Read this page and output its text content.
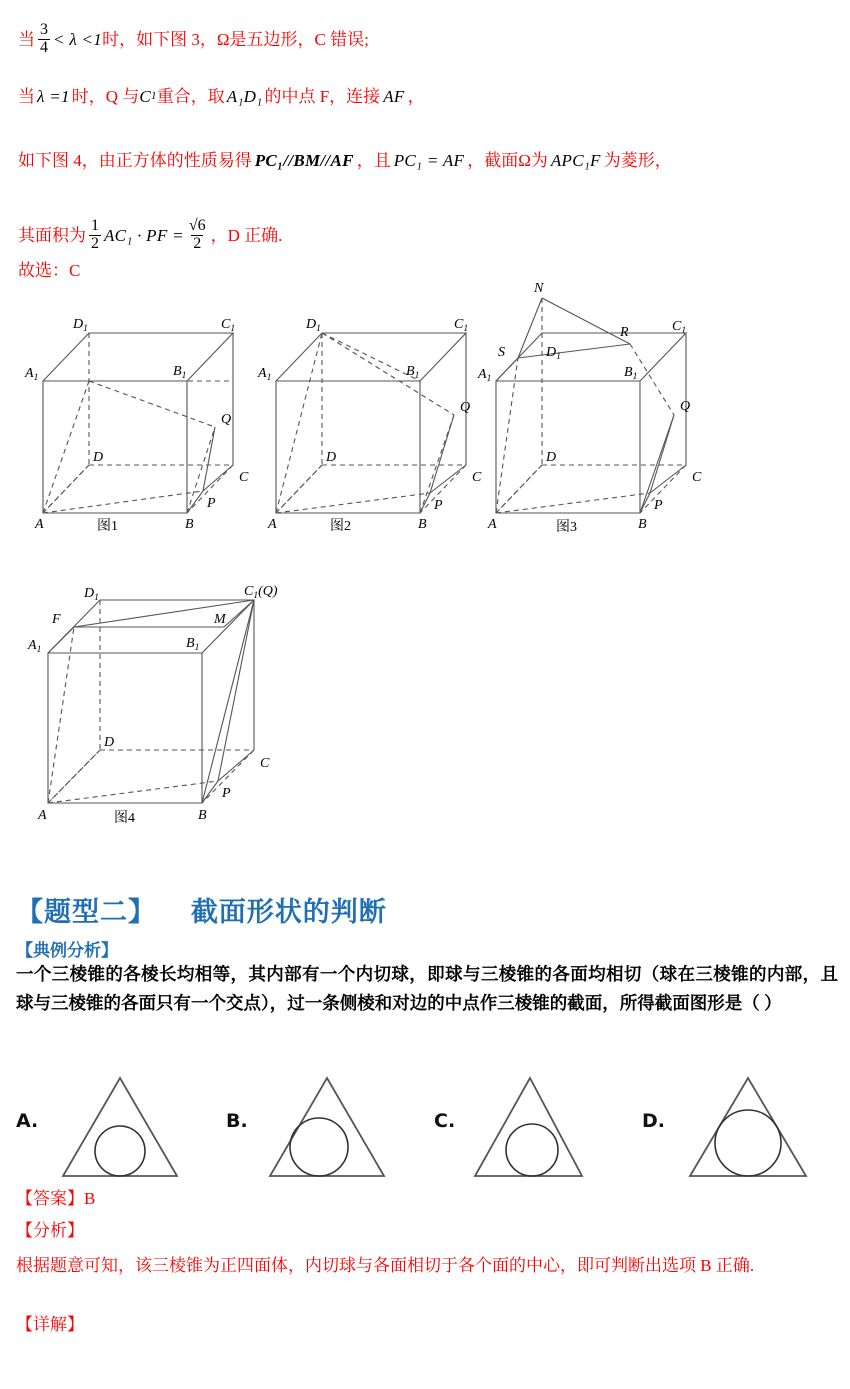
当 $\frac{3}{4} < \lambda <1$ 时，如下图 3， Ω 是五边形，C 错误;
当 λ =1 时，Q 与 C 1 重合，取 A₁D₁ 的中点 F，连接 AF ，
如下图 4，由正方体的性质易得 PC₁//BM//AF ，且 PC₁ = AF ，截面 Ω 为 APC₁F 为菱形，
其面积为 $\frac{1}{2} AC_1$ · PF = $\frac{√6}{2}$ ，D 正确.
故选：C
$D_1$	$C_1$
$A_1$	$B_1$
D
C
P
Q
A	B
图1
$D_1$	$C_1$
$A_1$	$B_1$
D
C
P
Q
A	B
图2
N
$D_1$
R	$C_1$
S
$A_1$	$B_1$
Q
D
C
P
A	B
图3
$D_1$	$C_1(Q)$
F	M
$A_1$	$B_1$
D
C
P
A	B
图4
【题型二】 截面形状的判断
【典例分析】
一个三棱锥的各棱长均相等，其内部有一个内切球，即球与三棱锥的各面均相切（球在三棱锥的内部，且球与三棱锥的各面只有一个交点），过一条侧棱和对边的中点作三棱锥的截面，所得截面图形是（ ）
A.	B.	C.	D.
【答案】 B
【分析】
根据题意可知，该三棱锥为正四面体，内切球与各面相切于各个面的中心，即可判断出选项 B 正确.
【详解】
